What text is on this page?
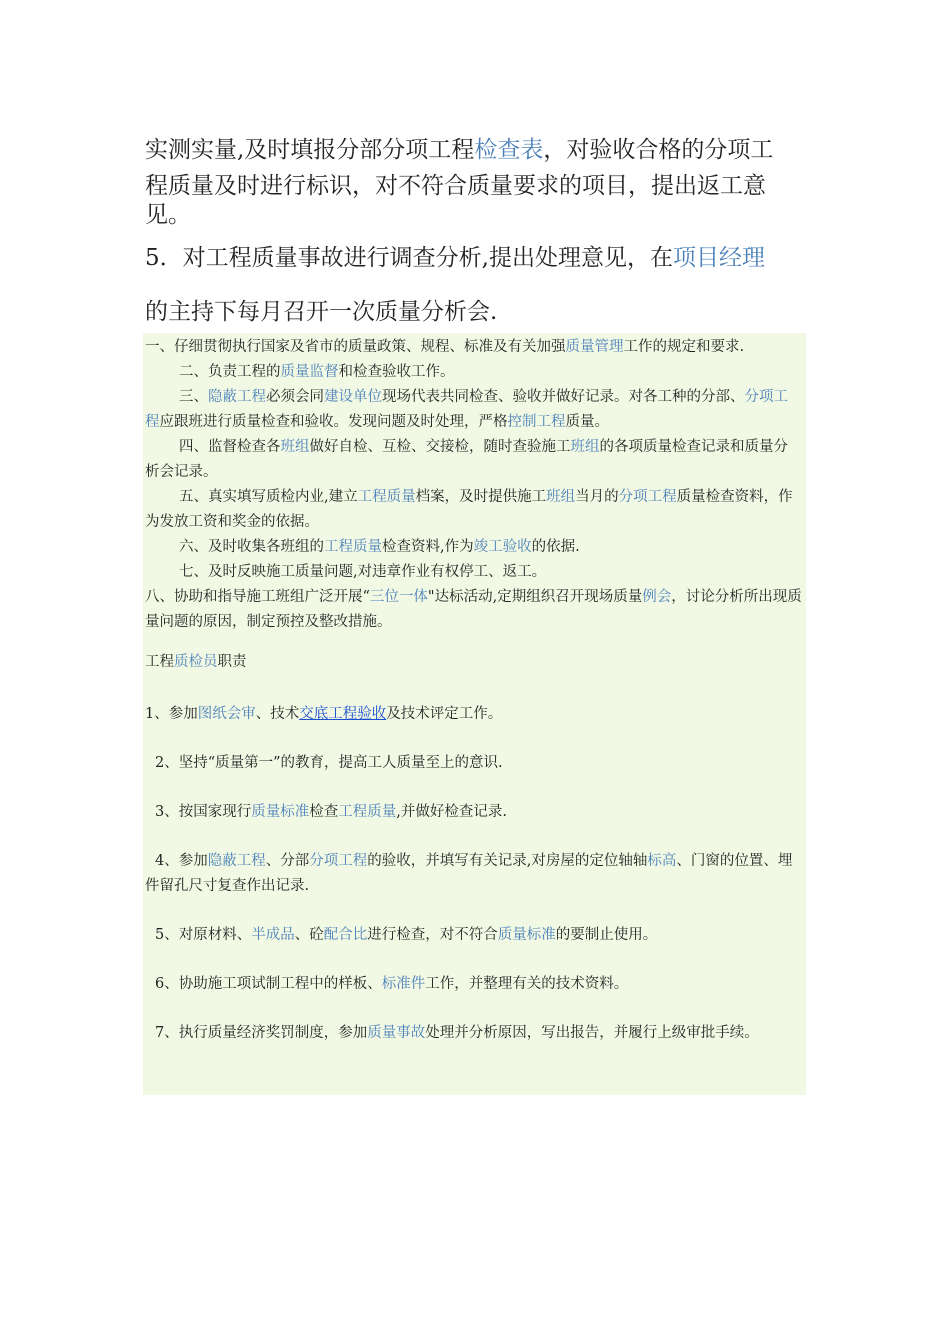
实测实量,及时填报分部分项工程检查表，对验收合格的分项工

程质量及时进行标识，对不符合质量要求的项目，提出返工意

见。

5．对工程质量事故进行调查分析,提出处理意见，在项目经理

的主持下每月召开一次质量分析会.

一、仔细贯彻执行国家及省市的质量政策、规程、标准及有关加强质量管理工作的规定和要求.

二、负责工程的质量监督和检查验收工作。

三、隐蔽工程必须会同建设单位现场代表共同检查、验收并做好记录。对各工种的分部、分项工程应跟班进行质量检查和验收。发现问题及时处理，严格控制工程质量。

四、监督检查各班组做好自检、互检、交接检，随时查验施工班组的各项质量检查记录和质量分析会记录。

五、真实填写质检内业,建立工程质量档案，及时提供施工班组当月的分项工程质量检查资料，作为发放工资和奖金的依据。

六、及时收集各班组的工程质量检查资料,作为竣工验收的依据.

七、及时反映施工质量问题,对违章作业有权停工、返工。

八、协助和指导施工班组广泛开展“三位一体"达标活动,定期组织召开现场质量例会，讨论分析所出现质量问题的原因，制定预控及整改措施。

工程质检员职责

1、参加图纸会审、技术交底工程验收及技术评定工作。

2、坚持“质量第一”的教育，提高工人质量至上的意识.

3、按国家现行质量标准检查工程质量,并做好检查记录.

4、参加隐蔽工程、分部分项工程的验收，并填写有关记录,对房屋的定位轴轴标高、门窗的位置、埋件留孔尺寸复查作出记录.

5、对原材料、半成品、砼配合比进行检查，对不符合质量标准的要制止使用。

6、协助施工项试制工程中的样板、标准件工作，并整理有关的技术资料。

7、执行质量经济奖罚制度，参加质量事故处理并分析原因，写出报告，并履行上级审批手续。
